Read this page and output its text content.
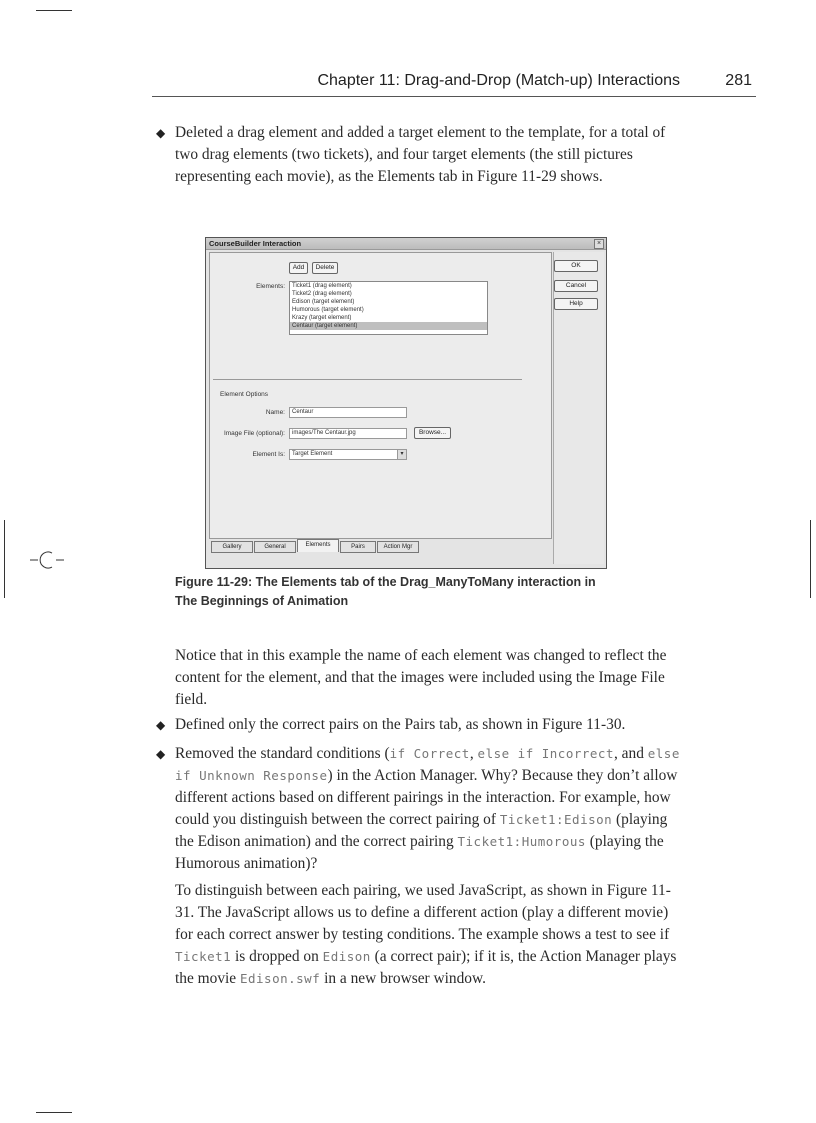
Chapter 11: Drag-and-Drop (Match-up) Interactions	281
◆ Deleted a drag element and added a target element to the template, for a total of two drag elements (two tickets), and four target elements (the still pictures representing each movie), as the Elements tab in Figure 11-29 shows.

CourseBuilder Interaction	×
Add	Delete
Elements:	Ticket1 (drag element)
Ticket2 (drag element)
Edison (target element)
Humorous (target element)
Krazy (target element)
Centaur (target element)
Element Options
Name:	Centaur
Image File (optional):	images/The Centaur.jpg	Browse...
Element Is:	Target Element	▾
OK
Cancel
Help
Gallery	General	Elements	Pairs	Action Mgr
Figure 11-29: The Elements tab of the Drag_ManyToMany interaction in
The Beginnings of Animation

Notice that in this example the name of each element was changed to reflect the content for the element, and that the images were included using the Image File field.

◆ Defined only the correct pairs on the Pairs tab, as shown in Figure 11-30.

◆ Removed the standard conditions (if Correct, else if Incorrect, and else if Unknown Response) in the Action Manager. Why? Because they don’t allow different actions based on different pairings in the interaction. For example, how could you distinguish between the correct pairing of Ticket1:Edison (playing the Edison animation) and the correct pairing Ticket1:Humorous (playing the Humorous animation)?

To distinguish between each pairing, we used JavaScript, as shown in Figure 11-31. The JavaScript allows us to define a different action (play a different movie) for each correct answer by testing conditions. The example shows a test to see if Ticket1 is dropped on Edison (a correct pair); if it is, the Action Manager plays the movie Edison.swf in a new browser window.
